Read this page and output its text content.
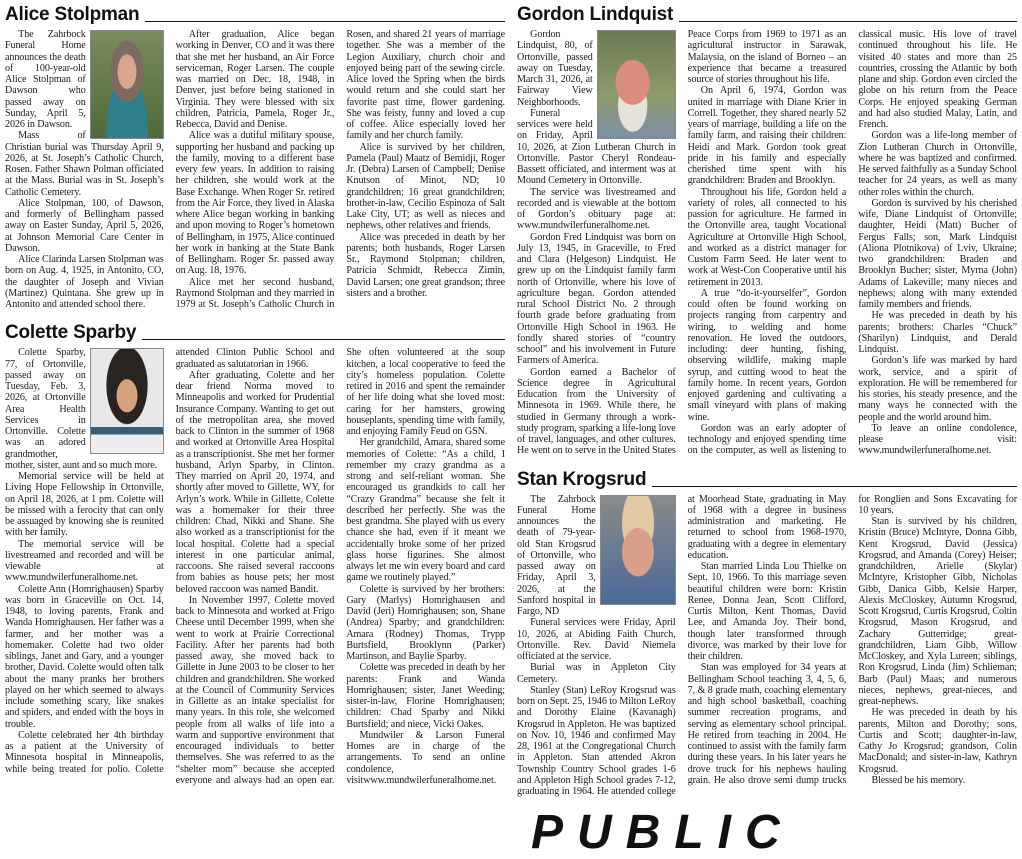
Alice Stolpman

The Zahrbock Funeral Home announces the death of 100-year-old Alice Stolpman of Dawson who passed away on Sunday, April 5, 2026 in Dawson.

Mass of Christian burial was Thursday April 9, 2026, at St. Joseph’s Catholic Church, Rosen. Father Shawn Polman officiated at the Mass. Burial was in St. Joseph’s Catholic Cemetery.

Alice Stolpman, 100, of Dawson, and formerly of Bellingham passed away on Easter Sunday, April 5, 2026, at Johnson Memorial Care Center in Dawson.

Alice Clarinda Larsen Stolpman was born on Aug. 4, 1925, in Antonito, CO, the daughter of Joseph and Vivian (Martinez) Quintana. She grew up in Antonito and attended school there.

After graduation, Alice began working in Denver, CO and it was there that she met her husband, an Air Force serviceman, Roger Larsen. The couple was married on Dec. 18, 1948, in Denver, just before being stationed in Virginia. They were blessed with six children, Patricia, Pamela, Roger Jr., Rebecca, David and Denise.

Alice was a dutiful military spouse, supporting her husband and packing up the family, moving to a different base every few years. In addition to raising her children, she would work at the Base Exchange. When Roger Sr. retired from the Air Force, they lived in Alaska where Alice began working in banking and upon moving to Roger’s hometown of Bellingham, in 1975, Alice continued her work in banking at the State Bank of Bellingham. Roger Sr. passed away on Aug. 18, 1976.

Alice met her second husband, Raymond Stolpman and they married in 1979 at St. Joseph’s Catholic Church in Rosen, and shared 21 years of marriage together. She was a member of the Legion Auxiliary, church choir and enjoyed being part of the sewing circle. Alice loved the Spring when the birds would return and she could start her favorite past time, flower gardening. She was feisty, funny and loved a cup of coffee. Alice especially loved her family and her church family.

Alice is survived by her children, Pamela (Paul) Maatz of Bemidji, Roger Jr. (Debra) Larsen of Campbell; Denise Knutson of Minot, ND; 10 grandchildren; 16 great grandchildren; brother-in-law, Cecilio Espinoza of Salt Lake City, UT; as well as nieces and nephews, other relatives and friends.

Alice was preceded in death by her parents; both husbands, Roger Larsen Sr., Raymond Stolpman; children, Patricia Schmidt, Rebecca Zimin, David Larsen; one great grandson; three sisters and a brother.

Colette Sparby

Colette Sparby, 77, of Ortonville, passed away on Tuesday, Feb. 3, 2026, at Ortonville Area Health Services in Ortonville. Colette was an adored grandmother, mother, sister, aunt and so much more.

Memorial service will be held at Living Hope Fellowship in Ortonville, on April 18, 2026, at 1 pm. Colette will be missed with a ferocity that can only be assuaged by knowing she is reunited with her family.

The memorial service will be livestreamed and recorded and will be viewable at www.mundwilerfuneralhome.net.

Colette Ann (Homrighausen) Sparby was born in Graceville on Oct. 14, 1948, to loving parents, Frank and Wanda Homrighausen. Her father was a farmer, and her mother was a homemaker. Colette had two older siblings, Janet and Gary, and a younger brother, David. Colette would often talk about the many pranks her brothers played on her which seemed to always include something scary, like snakes and spiders, and ended with the boys in trouble.

Colette celebrated her 4th birthday as a patient at the University of Minnesota hospital in Minneapolis, while being treated for polio. Colette attended Clinton Public School and graduated as salutatorian in 1966.

After graduating, Colette and her dear friend Norma moved to Minneapolis and worked for Prudential Insurance Company. Wanting to get out of the metropolitan area, she moved back to Clinton in the summer of 1968 and worked at Ortonville Area Hospital as a transcriptionist. She met her former husband, Arlyn Sparby, in Clinton. They married on April 20, 1974, and shortly after moved to Gillette, WY, for Arlyn’s work. While in Gillette, Colette was a homemaker for their three children: Chad, Nikki and Shane. She also worked as a transcriptionist for the local hospital. Colette had a special interest in one particular animal, raccoons. She raised several raccoons from babies as house pets; her most beloved raccoon was named Bandit.

In November 1997, Colette moved back to Minnesota and worked at Frigo Cheese until December 1999, when she went to work at Prairie Correctional Facility. After her parents had both passed away, she moved back to Gillette in June 2003 to be closer to her children and grandchildren. She worked at the Council of Community Services in Gillette as an intake specialist for many years. In this role, she welcomed people from all walks of life into a warm and supportive environment that encouraged individuals to better themselves. She was referred to as the “shelter mom” because she accepted everyone and always had an open ear. She often volunteered at the soup kitchen, a local cooperative to feed the city’s homeless population. Colette retired in 2016 and spent the remainder of her life doing what she loved most: caring for her hamsters, growing houseplants, spending time with family, and enjoying Family Feud on GSN.

Her grandchild, Amara, shared some memories of Colette: “As a child, I remember my crazy grandma as a strong and self-reliant woman. She encouraged us grandkids to call her “Crazy Grandma” because she felt it described her perfectly. She was the best grandma. She played with us every chance she had, even if it meant we accidentally broke some of her prized glass horse figurines. She almost always let me win every board and card game we routinely played.”

Colette is survived by her brothers: Gary (Marlys) Homrighausen and David (Jeri) Homrighausen; son, Shane (Andrea) Sparby; and grandchildren: Amara (Rodney) Thomas, Trypp Burtsfield, Brooklynn (Parker) Martinson, and Baylie Sparby.

Colette was preceded in death by her parents: Frank and Wanda Homrighausen; sister, Janet Weeding; sister-in-law, Florine Homrighausen; children: Chad Sparby and Nikki Burtsfield; and niece, Vicki Oakes.

Mundwiler & Larson Funeral Homes are in charge of the arrangements. To send an online condolence, visitwww.mundwilerfuneralhome.net.

Gordon Lindquist

Gordon Lindquist, 80, of Ortonville, passed away on Tuesday, March 31, 2026, at Fairway View Neighborhoods.

Funeral services were held on Friday, April 10, 2026, at Zion Lutheran Church in Ortonville. Pastor Cheryl Rondeau-Bassett officiated, and interment was at Mound Cemetery in Ortonville.

The service was livestreamed and recorded and is viewable at the bottom of Gordon’s obituary page at: www.mundwilerfuneralhome.net.

Gordon Fred Lindquist was born on July 13, 1945, in Graceville, to Fred and Clara (Helgeson) Lindquist. He grew up on the Lindquist family farm north of Ortonville, where his love of agriculture began. Gordon attended rural School District No. 2 through fourth grade before graduating from Ortonville High School in 1963. He fondly shared stories of “country school” and his involvement in Future Farmers of America.

Gordon earned a Bachelor of Science degree in Agricultural Education from the University of Minnesota in 1969. While there, he studied in Germany through a work-study program, sparking a life-long love of travel, languages, and other cultures. He went on to serve in the United States Peace Corps from 1969 to 1971 as an agricultural instructor in Sarawak, Malaysia, on the island of Borneo – an experience that became a treasured source of stories throughout his life.

On April 6, 1974, Gordon was united in marriage with Diane Krier in Correll. Together, they shared nearly 52 years of marriage, building a life on the family farm, and raising their children: Heidi and Mark. Gordon took great pride in his family and especially cherished time spent with his grandchildren: Braden and Brooklyn.

Throughout his life, Gordon held a variety of roles, all connected to his passion for agriculture. He farmed in the Ortonville area, taught Vocational Agriculture at Ortonville High School, and worked as a district manager for Custom Farm Seed. He later went to work at West-Con Cooperative until his retirement in 2013.

A true “do-it-yourselfer”, Gordon could often be found working on projects ranging from carpentry and wiring, to welding and home renovation. He loved the outdoors, including: deer hunting, fishing, observing wildlife, making maple syrup, and cutting wood to heat the family home. In recent years, Gordon enjoyed gardening and cultivating a small vineyard with plans of making wine.

Gordon was an early adopter of technology and enjoyed spending time on the computer, as well as listening to classical music. His love of travel continued throughout his life. He visited 40 states and more than 25 countries, crossing the Atlantic by both plane and ship. Gordon even circled the globe on his return from the Peace Corps. He enjoyed speaking German and had also studied Malay, Latin, and French.

Gordon was a life-long member of Zion Lutheran Church in Ortonville, where he was baptized and confirmed. He served faithfully as a Sunday School teacher for 24 years, as well as many other roles within the church.

Gordon is survived by his cherished wife, Diane Lindquist of Ortonville; daughter, Heidi (Matt) Bucher of Fergus Falls; son, Mark Lindquist (Aliona Plotnikova) of Lviv, Ukraine; two grandchildren: Braden and Brooklyn Bucher; sister, Myrna (John) Adams of Lakeville; many nieces and nephews; along with many extended family members and friends.

He was preceded in death by his parents; brothers: Charles “Chuck” (Sharilyn) Lindquist, and Derald Lindquist.

Gordon’s life was marked by hard work, service, and a spirit of exploration. He will be remembered for his stories, his steady presence, and the many ways he connected with the people and the world around him.

To leave an online condolence, please visit: www.mundwilerfuneralhome.net.

Stan Krogsrud

The Zahrbock Funeral Home announces the death of 79-year-old Stan Krogsrud of Ortonville, who passed away on Friday, April 3, 2026, at the Sanford hospital in Fargo, ND

Funeral services were Friday, April 10, 2026, at Abiding Faith Church, Ortonville. Rev. David Niemela officiated at the service.

Burial was in Appleton City Cemetery.

Stanley (Stan) LeRoy Krogsrud was born on Sept. 25, 1946 to Milton LeRoy and Dorothy Elaine (Kavanagh) Krogsrud in Appleton. He was baptized on Nov. 10, 1946 and confirmed May 28, 1961 at the Congregational Church in Appleton. Stan attended Akron Township Country School grades 1-6 and Appleton High School grades 7-12, graduating in 1964. He attended college at Moorhead State, graduating in May of 1968 with a degree in business administration and marketing. He returned to school from 1968-1970, graduating with a degree in elementary education.

Stan married Linda Lou Thielke on Sept. 10, 1966. To this marriage seven beautiful children were born: Kristin Renee, Donna Jean, Scott Clifford, Curtis Milton, Kent Thomas, David Lee, and Amanda Joy. Their bond, though later transformed through divorce, was marked by their love for their children.

Stan was employed for 34 years at Bellingham School teaching 3, 4, 5, 6, 7, & 8 grade math, coaching elementary and high school basketball, coaching summer recreation programs, and serving as elementary school principal. He retired from teaching in 2004. He continued to assist with the family farm during these years. In his later years he drove truck for his nephews hauling grain. He also drove semi dump trucks for Ronglien and Sons Excavating for 10 years.

Stan is survived by his children, Kristin (Bruce) McIntyre, Donna Gibb, Kent Krogsrud, David (Jessica) Krogsrud, and Amanda (Corey) Heiser; grandchildren, Arielle (Skylar) McIntyre, Kristopher Gibb, Nicholas Gibb, Danica Gibb, Kelsie Harper, Alexis McCloskey, Autumn Krogsrud, Scott Krogsrud, Curtis Krogsrud, Coltin Krogsrud, Mason Krogsrud, and Zachary Gutterridge; great-grandchildren, Liam Gibb, Willow McCloskey, and Xyla Lureen; siblings, Ron Krogsrud, Linda (Jim) Schlieman; Barb (Paul) Maas; and numerous nieces, nephews, great-nieces, and great-nephews.

He was preceded in death by his parents, Milton and Dorothy; sons, Curtis and Scott; daughter-in-law, Cathy Jo Krogsrud; grandson, Colin MacDonald; and sister-in-law, Kathryn Krogsrud.

Blessed be his memory.

PUBLIC
